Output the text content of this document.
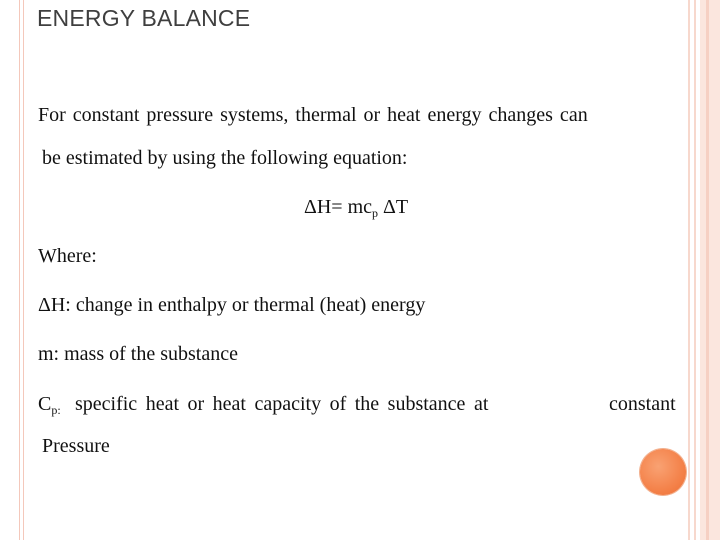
ENERGY BALANCE
For constant pressure systems, thermal or heat energy changes can
be estimated by using the following equation:
$\Delta H= mc_p$ ΔT
Where:
ΔH: change in enthalpy or thermal (heat) energy
m: mass of the substance
$C_{p:}$ specific heat or heat capacity of the substance at	constant
Pressure
